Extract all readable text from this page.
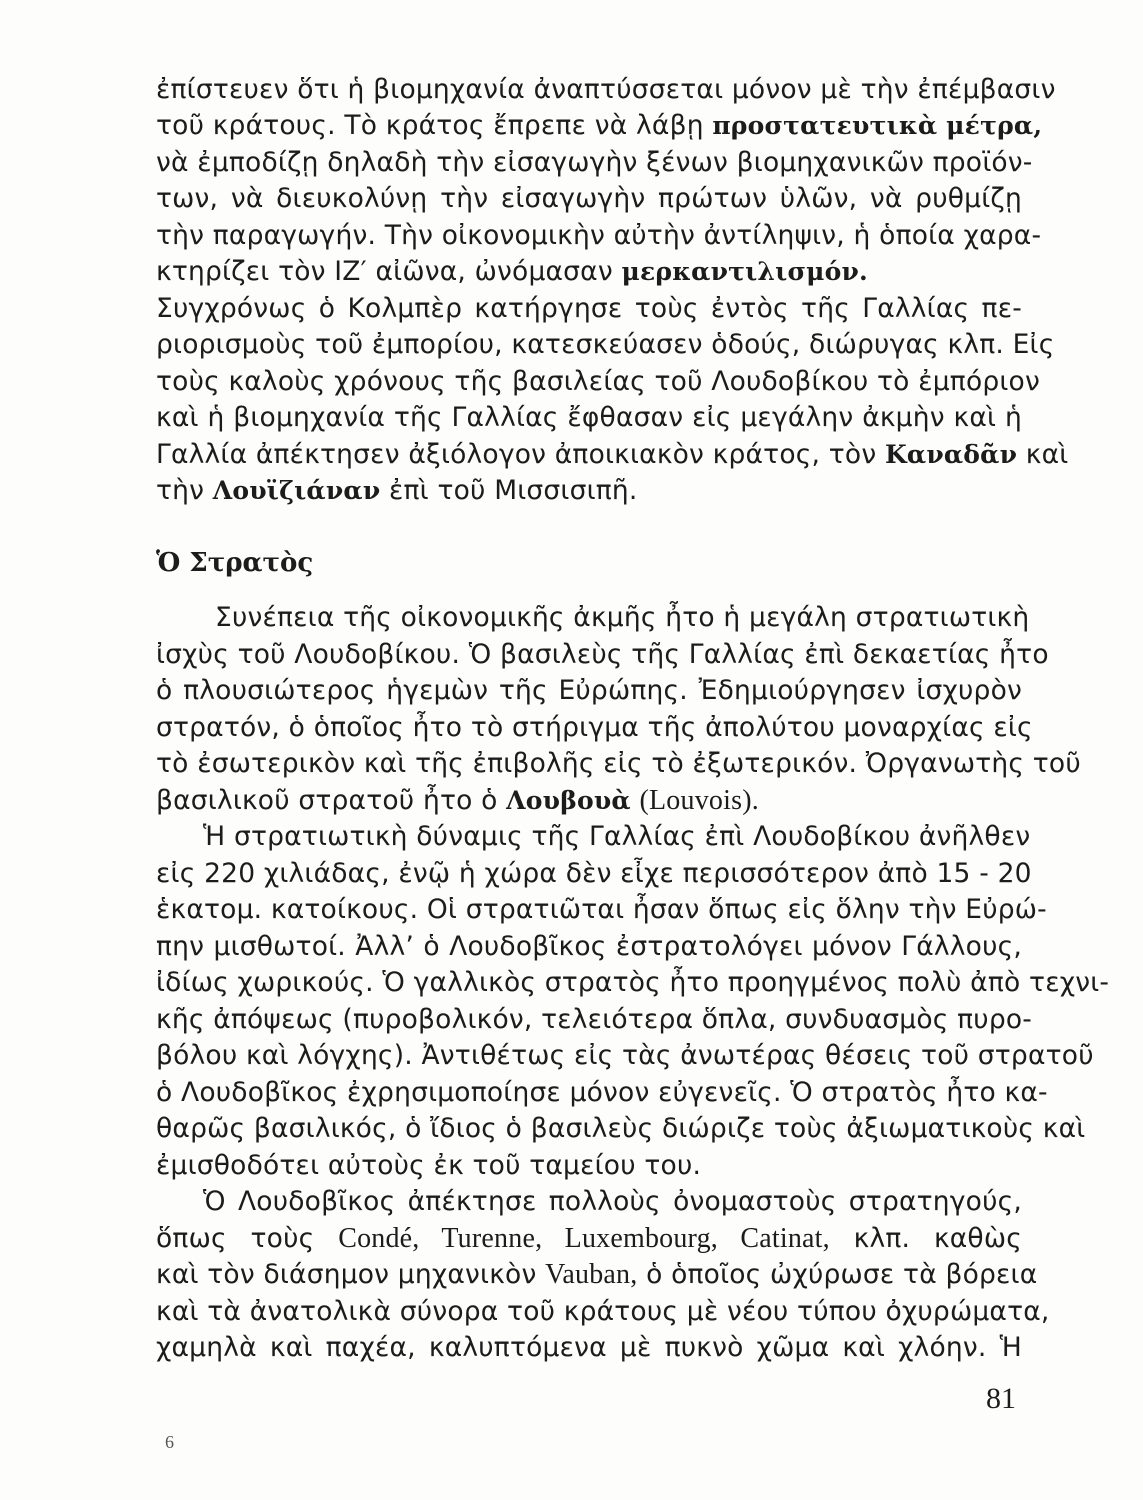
ἐπίστευεν ὅτι ἡ βιομηχανία ἀναπτύσσεται μόνον μὲ τὴν ἐπέμβασιν
τοῦ κράτους. Τὸ κράτος ἔπρεπε νὰ λάβῃ προστατευτικὰ μέτρα,
νὰ ἐμποδίζῃ δηλαδὴ τὴν εἰσαγωγὴν ξένων βιομηχανικῶν προϊόν-
των, νὰ διευκολύνῃ τὴν εἰσαγωγὴν πρώτων ὑλῶν, νὰ ρυθμίζῃ
τὴν παραγωγήν. Τὴν οἰκονομικὴν αὐτὴν ἀντίληψιν, ἡ ὁποία χαρα-
κτηρίζει τὸν ΙΖ′ αἰῶνα, ὠνόμασαν μερκαντιλισμόν.
Συγχρόνως ὁ Κολμπὲρ κατήργησε τοὺς ἐντὸς τῆς Γαλλίας πε-
ριορισμοὺς τοῦ ἐμπορίου, κατεσκεύασεν ὁδούς, διώρυγας κλπ. Εἰς
τοὺς καλοὺς χρόνους τῆς βασιλείας τοῦ Λουδοβίκου τὸ ἐμπόριον
καὶ ἡ βιομηχανία τῆς Γαλλίας ἔφθασαν εἰς μεγάλην ἀκμὴν καὶ ἡ
Γαλλία ἀπέκτησεν ἀξιόλογον ἀποικιακὸν κράτος, τὸν Καναδᾶν καὶ
τὴν Λουϊζιάναν ἐπὶ τοῦ Μισσισιπῆ.
Ὁ Στρατὸς
Συνέπεια τῆς οἰκονομικῆς ἀκμῆς ἦτο ἡ μεγάλη στρατιωτικὴ
ἰσχὺς τοῦ Λουδοβίκου. Ὁ βασιλεὺς τῆς Γαλλίας ἐπὶ δεκαετίας ἦτο
ὁ πλουσιώτερος ἡγεμὼν τῆς Εὐρώπης. Ἐδημιούργησεν ἰσχυρὸν
στρατόν, ὁ ὁποῖος ἦτο τὸ στήριγμα τῆς ἀπολύτου μοναρχίας εἰς
τὸ ἐσωτερικὸν καὶ τῆς ἐπιβολῆς εἰς τὸ ἐξωτερικόν. Ὀργανωτὴς τοῦ
βασιλικοῦ στρατοῦ ἦτο ὁ Λουβουὰ (Louvois).
Ἡ στρατιωτικὴ δύναμις τῆς Γαλλίας ἐπὶ Λουδοβίκου ἀνῆλθεν
εἰς 220 χιλιάδας, ἐνῷ ἡ χώρα δὲν εἶχε περισσότερον ἀπὸ 15 - 20
ἑκατομ. κατοίκους. Οἱ στρατιῶται ἦσαν ὅπως εἰς ὅλην τὴν Εὐρώ-
πην μισθωτοί. Ἀλλ’ ὁ Λουδοβῖκος ἐστρατολόγει μόνον Γάλλους,
ἰδίως χωρικούς. Ὁ γαλλικὸς στρατὸς ἦτο προηγμένος πολὺ ἀπὸ τεχνι-
κῆς ἀπόψεως (πυροβολικόν, τελειότερα ὅπλα, συνδυασμὸς πυρο-
βόλου καὶ λόγχης). Ἀντιθέτως εἰς τὰς ἀνωτέρας θέσεις τοῦ στρατοῦ
ὁ Λουδοβῖκος ἐχρησιμοποίησε μόνον εὐγενεῖς. Ὁ στρατὸς ἦτο κα-
θαρῶς βασιλικός, ὁ ἴδιος ὁ βασιλεὺς διώριζε τοὺς ἀξιωματικοὺς καὶ
ἐμισθοδότει αὐτοὺς ἐκ τοῦ ταμείου του.
Ὁ Λουδοβῖκος ἀπέκτησε πολλοὺς ὀνομαστοὺς στρατηγούς,
ὅπως τοὺς Condé, Turenne, Luxembourg, Catinat, κλπ. καθὼς
καὶ τὸν διάσημον μηχανικὸν Vauban, ὁ ὁποῖος ὠχύρωσε τὰ βόρεια
καὶ τὰ ἀνατολικὰ σύνορα τοῦ κράτους μὲ νέου τύπου ὀχυρώματα,
χαμηλὰ καὶ παχέα, καλυπτόμενα μὲ πυκνὸ χῶμα καὶ χλόην. Ἡ
81
6
